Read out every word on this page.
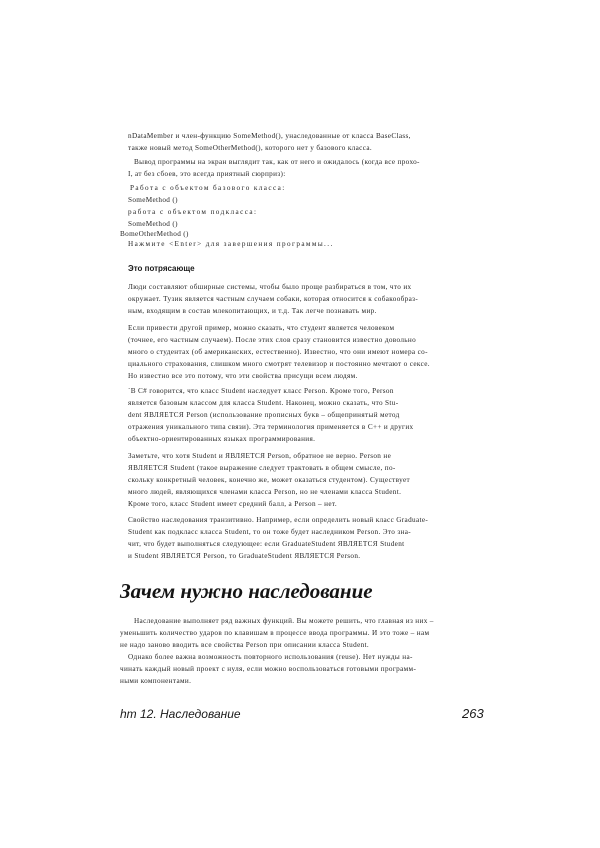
nDataMember и член-функцию SomeMethod(), унаследованные от класса BaseClass,
также новый метод SomeOtherMethod(), которого нет у базового класса.
Вывод программы на экран выглядит так, как от него и ожидалось (когда все прохо-
I, ат без сбоев, это всегда приятный сюрприз):
Работа с объектом базового класса:
SomeMethod ()
работа с объектом подкласса:
SomeMethod ()
BomeOtherMethod ()
Нажмите <Enter> для завершения программы...
Это потрясающе
Люди составляют обширные системы, чтобы было проще разбираться в том, что их
окружает. Тузик является частным случаем собаки, которая относится к собакообраз-
ным, входящим в состав млекопитающих, и т.д. Так легче познавать мир.
Если привести другой пример, можно сказать, что студент является человеком
(точнее, его частным случаем). После этих слов сразу становится известно довольно
много о студентах (об американских, естественно). Известно, что они имеют номера со-
циального страхования, слишком много смотрят телевизор и постоянно мечтают о сексе.
Но известно все это потому, что эти свойства присущи всем людям.
`В C# говорится, что класс Student наследует класс Person. Кроме того, Person
является базовым классом для класса Student. Наконец, можно сказать, что Stu-
dent ЯВЛЯЕТСЯ Person (использование прописных букв – общепринятый метод
отражения уникального типа связи). Эта терминология применяется в C++ и других
объектно-ориентированных языках программирования.
Заметьте, что хотя Student и ЯВЛЯЕТСЯ Person, обратное не верно. Person не
ЯВЛЯЕТСЯ Student (такое выражение следует трактовать в общем смысле, по-
скольку конкретный человек, конечно же, может оказаться студентом). Существует
много людей, являющихся членами класса Person, но не членами класса Student.
Кроме того, класс Student имеет средний балл, а Person – нет.
Свойство наследования транзитивно. Например, если определить новый класс Graduate-
Student как подкласс класса Student, то он тоже будет наследником Person. Это зна-
чит, что будет выполняться следующее: если GraduateStudent ЯВЛЯЕТСЯ Student
и Student ЯВЛЯЕТСЯ Person, то GraduateStudent ЯВЛЯЕТСЯ Person.
Зачем нужно наследование
Наследование выполняет ряд важных функций. Вы можете решить, что главная из них –
уменьшить количество ударов по клавишам в процессе ввода программы. И это тоже – нам
не надо заново вводить все свойства Person при описании класса Student.
Однако более важна возможность повторного использования (reuse). Нет нужды на-
чинать каждый новый проект с нуля, если можно воспользоваться готовыми программ-
ными компонентами.
hm 12. Наследование	263
